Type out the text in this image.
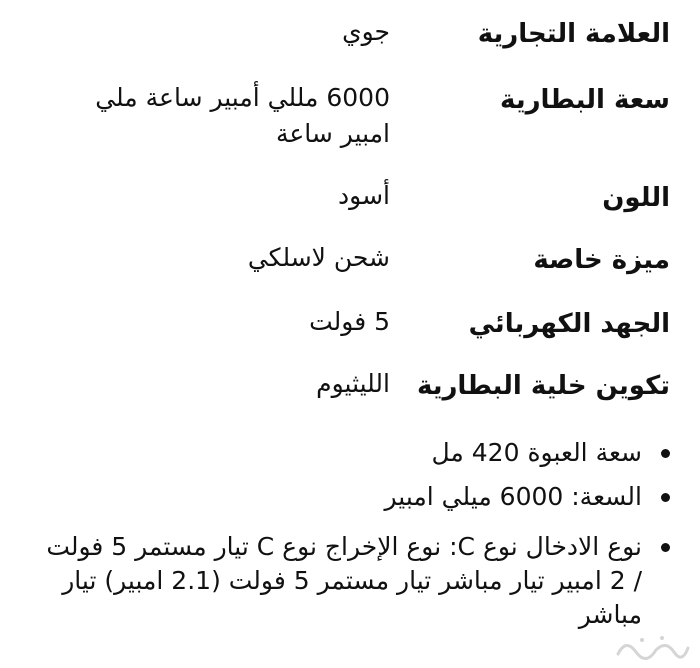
العلامة التجارية
جوي
سعة البطارية
6000 مللي أمبير ساعة ملي امبير ساعة
اللون
أسود
ميزة خاصة
شحن لاسلكي
الجهد الكهربائي
5 فولت
تكوين خلية البطارية
الليثيوم
سعة العبوة 420 مل
السعة: 6000 ميلي امبير
نوع الادخال نوع C: نوع الإخراج نوع C تيار مستمر 5 فولت / 2 امبير تيار مباشر تيار مستمر 5 فولت (2.1 امبير) تيار مباشر
